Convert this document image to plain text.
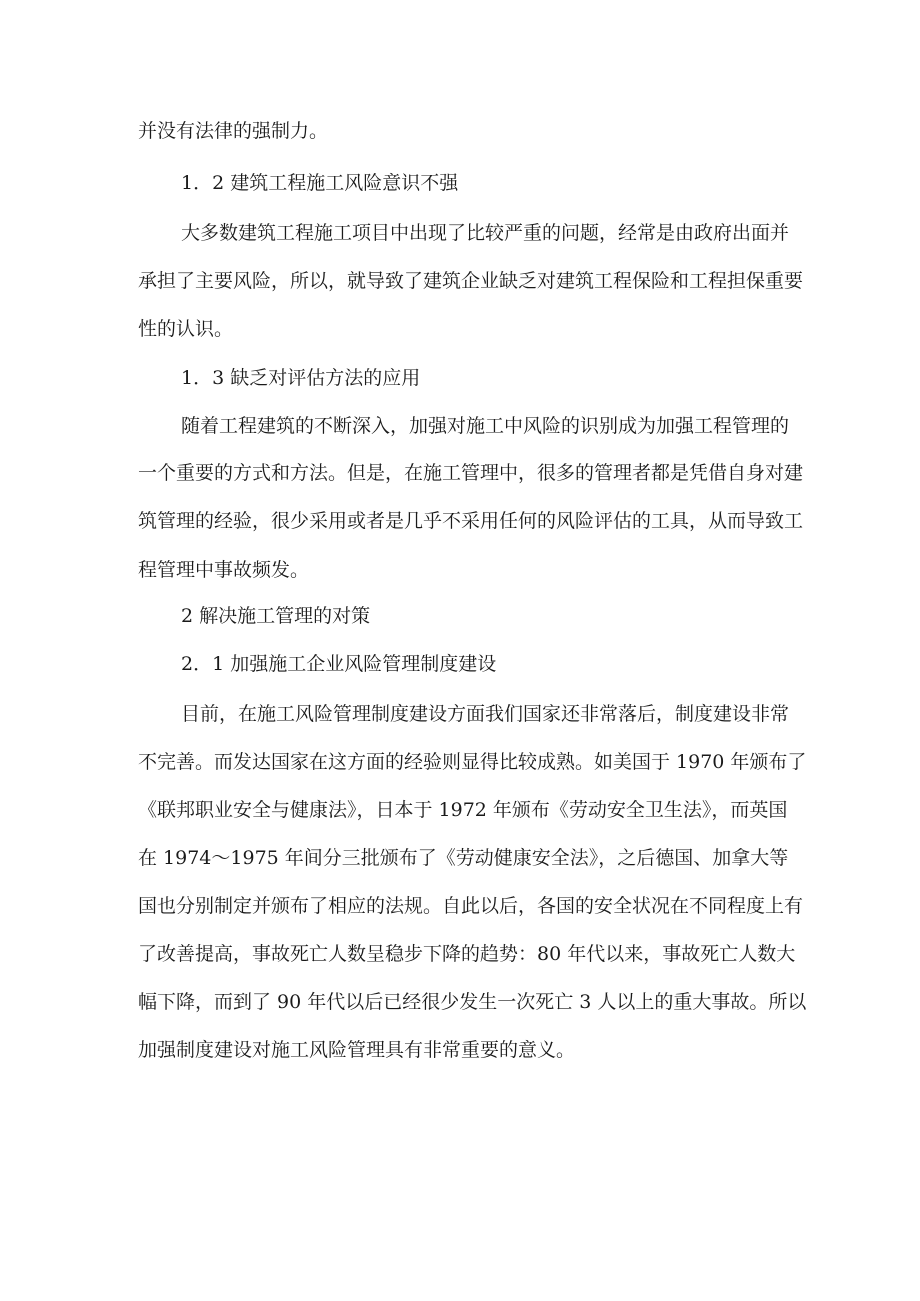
并没有法律的强制力。
1．2 建筑工程施工风险意识不强
大多数建筑工程施工项目中出现了比较严重的问题，经常是由政府出面并
承担了主要风险，所以，就导致了建筑企业缺乏对建筑工程保险和工程担保重要
性的认识。
1．3 缺乏对评估方法的应用
随着工程建筑的不断深入，加强对施工中风险的识别成为加强工程管理的
一个重要的方式和方法。但是，在施工管理中，很多的管理者都是凭借自身对建
筑管理的经验，很少采用或者是几乎不采用任何的风险评估的工具，从而导致工
程管理中事故频发。
2 解决施工管理的对策
2．1 加强施工企业风险管理制度建设
目前，在施工风险管理制度建设方面我们国家还非常落后，制度建设非常
不完善。而发达国家在这方面的经验则显得比较成熟。如美国于 1970 年颁布了
《联邦职业安全与健康法》，日本于 1972 年颁布《劳动安全卫生法》，而英国
在 1974～1975 年间分三批颁布了《劳动健康安全法》，之后德国、加拿大等
国也分别制定并颁布了相应的法规。自此以后，各国的安全状况在不同程度上有
了改善提高，事故死亡人数呈稳步下降的趋势：80 年代以来，事故死亡人数大
幅下降，而到了 90 年代以后已经很少发生一次死亡 3 人以上的重大事故。所以
加强制度建设对施工风险管理具有非常重要的意义。
